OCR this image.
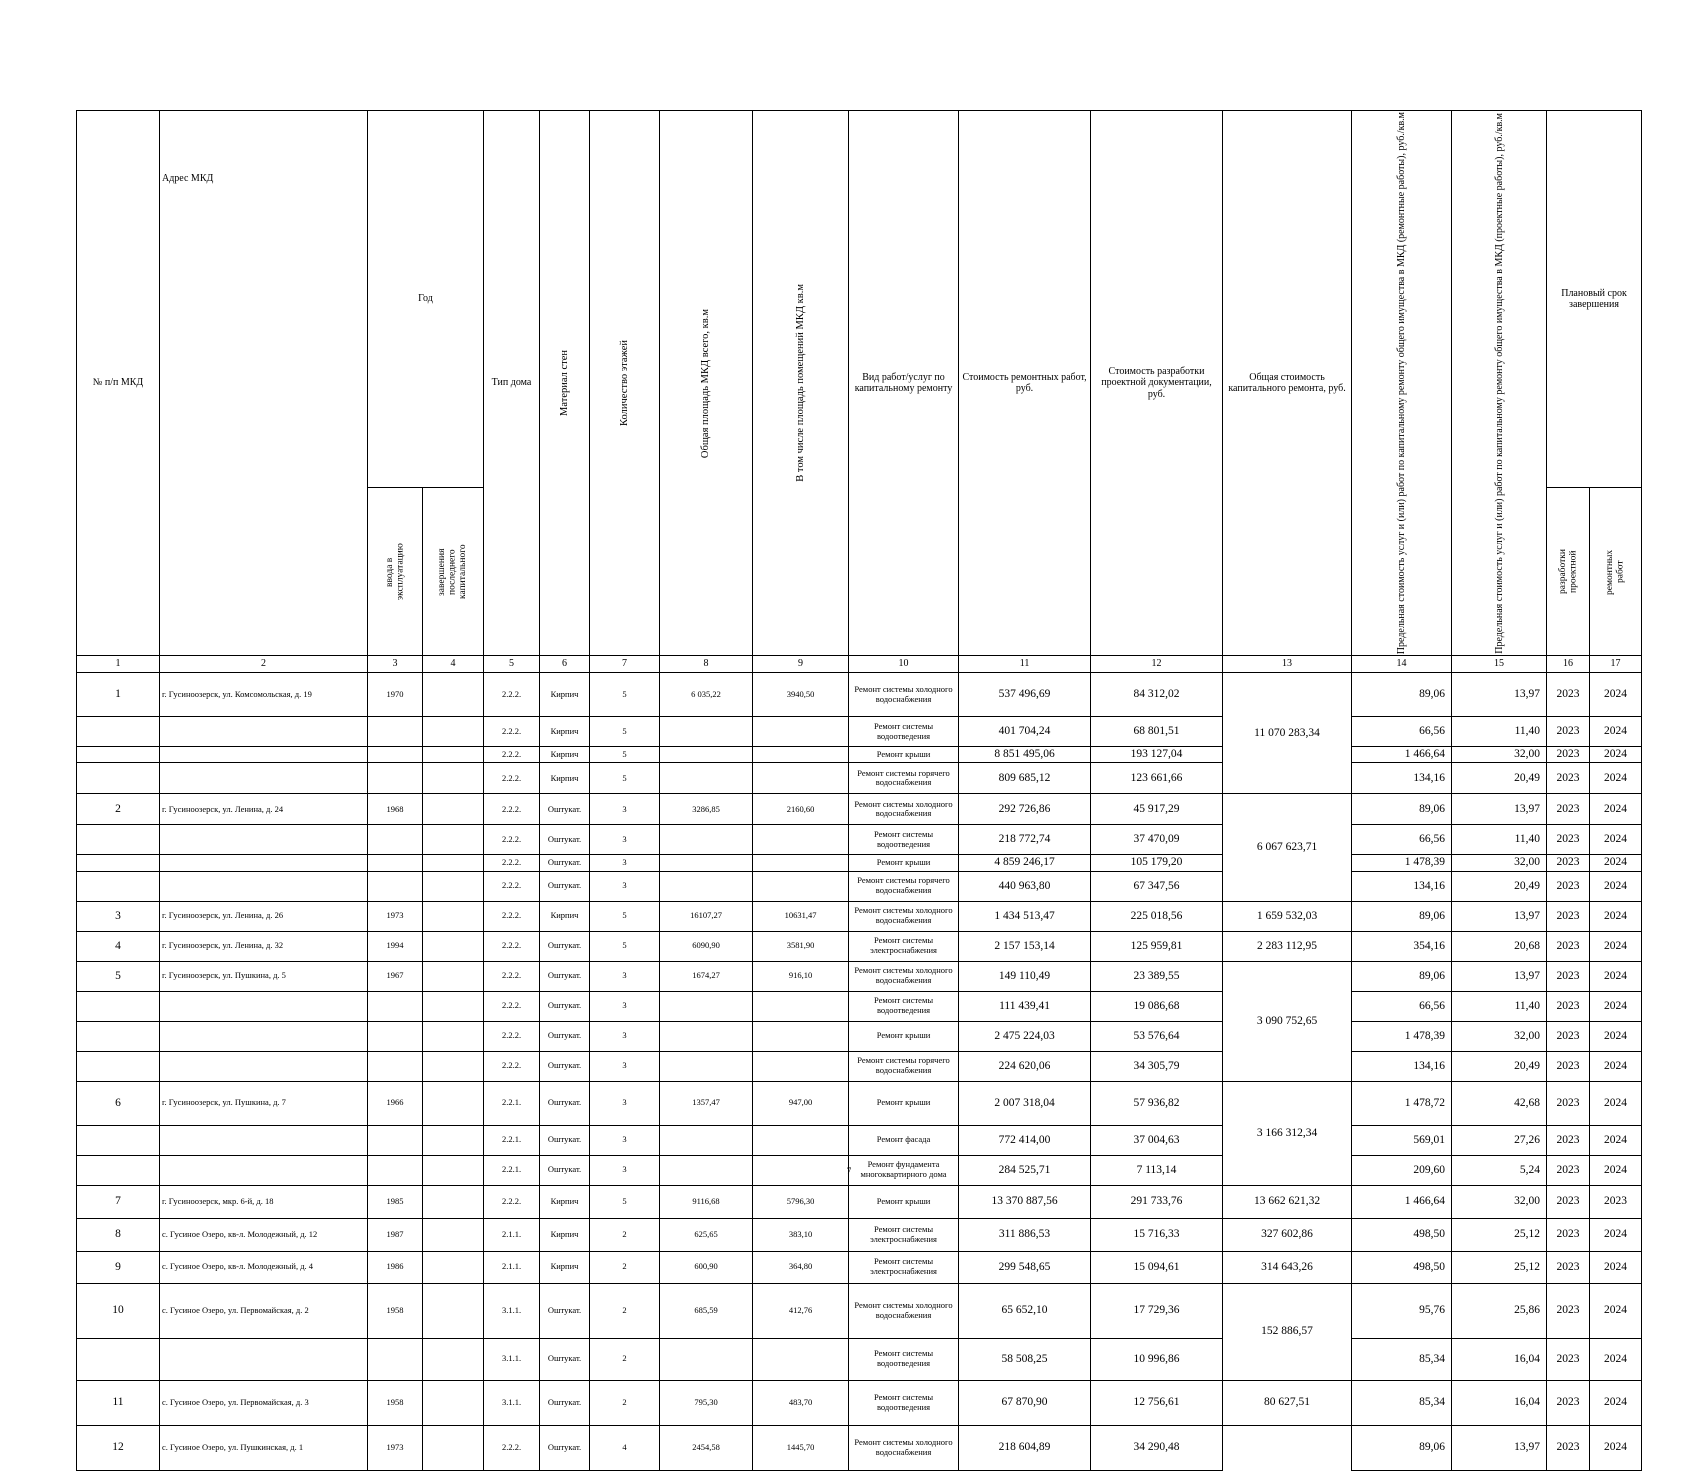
№ п/п МКД	Адрес МКД	Год		Тип дома	Материал стен	Количество этажей	Общая площадь МКД всего, кв.м	В том числе площадь помещений МКД кв.м	Вид работ/услуг по капитальному ремонту	Стоимость ремонтных работ, руб.	Стоимость разработки проектной документации, руб.	Общая стоимость капитального ремонта, руб.	Предельная стоимость услуг и (или) работ по капитальному ремонту общего имущества в МКД (ремонтные работы), руб./кв.м	Предельная стоимость услуг и (или) работ по капитальному ремонту общего имущества в МКД (проектные работы), руб./кв.м	Плановый срок завершения	

		ввода в эксплуатацию	завершения последнего капитального												разработки проектной	ремонтных работ

1	2	3	4	5	6	7	8	9	10	11	12	13	14	15	16	17
1	г. Гусиноозерск, ул. Комсомольская, д. 19	1970		2.2.2.	Кирпич	5	6 035,22	3940,50	Ремонт системы холодного водоснабжения	537 496,69	84 312,02	11 070 283,34	89,06	13,97	2023	2024
				2.2.2.	Кирпич	5			Ремонт системы водоотведения	401 704,24	68 801,51		66,56	11,40	2023	2024
				2.2.2.	Кирпич	5			Ремонт крыши	8 851 495,06	193 127,04		1 466,64	32,00	2023	2024
				2.2.2.	Кирпич	5			Ремонт системы горячего водоснабжения	809 685,12	123 661,66		134,16	20,49	2023	2024
2	г. Гусиноозерск, ул. Ленина, д. 24	1968		2.2.2.	Оштукат.	3	3286,85	2160,60	Ремонт системы холодного водоснабжения	292 726,86	45 917,29	6 067 623,71	89,06	13,97	2023	2024
				2.2.2.	Оштукат.	3			Ремонт системы водоотведения	218 772,74	37 470,09		66,56	11,40	2023	2024
				2.2.2.	Оштукат.	3			Ремонт крыши	4 859 246,17	105 179,20		1 478,39	32,00	2023	2024
				2.2.2.	Оштукат.	3			Ремонт системы горячего водоснабжения	440 963,80	67 347,56		134,16	20,49	2023	2024
3	г. Гусиноозерск, ул. Ленина, д. 26	1973		2.2.2.	Кирпич	5	16107,27	10631,47	Ремонт системы холодного водоснабжения	1 434 513,47	225 018,56	1 659 532,03	89,06	13,97	2023	2024
4	г. Гусиноозерск, ул. Ленина, д. 32	1994		2.2.2.	Оштукат.	5	6090,90	3581,90	Ремонт системы электроснабжения	2 157 153,14	125 959,81	2 283 112,95	354,16	20,68	2023	2024
5	г. Гусиноозерск, ул. Пушкина, д. 5	1967		2.2.2.	Оштукат.	3	1674,27	916,10	Ремонт системы холодного водоснабжения	149 110,49	23 389,55	3 090 752,65	89,06	13,97	2023	2024
				2.2.2.	Оштукат.	3			Ремонт системы водоотведения	111 439,41	19 086,68		66,56	11,40	2023	2024
				2.2.2.	Оштукат.	3			Ремонт крыши	2 475 224,03	53 576,64		1 478,39	32,00	2023	2024
				2.2.2.	Оштукат.	3			Ремонт системы горячего водоснабжения	224 620,06	34 305,79		134,16	20,49	2023	2024
6	г. Гусиноозерск, ул. Пушкина, д. 7	1966		2.2.1.	Оштукат.	3	1357,47	947,00	Ремонт крыши	2 007 318,04	57 936,82	3 166 312,34	1 478,72	42,68	2023	2024
				2.2.1.	Оштукат.	3			Ремонт фасада	772 414,00	37 004,63		569,01	27,26	2023	2024
				2.2.1.	Оштукат.	3			Ремонт фундамента многоквартирного дома	284 525,71	7 113,14		209,60	5,24	2023	2024
7	г. Гусиноозерск, мкр. 6-й, д. 18	1985		2.2.2.	Кирпич	5	9116,68	5796,30	Ремонт крыши	13 370 887,56	291 733,76	13 662 621,32	1 466,64	32,00	2023	2023
8	с. Гусиное Озеро, кв-л. Молодежный, д. 12	1987		2.1.1.	Кирпич	2	625,65	383,10	Ремонт системы электроснабжения	311 886,53	15 716,33	327 602,86	498,50	25,12	2023	2024
9	с. Гусиное Озеро, кв-л. Молодежный, д. 4	1986		2.1.1.	Кирпич	2	600,90	364,80	Ремонт системы электроснабжения	299 548,65	15 094,61	314 643,26	498,50	25,12	2023	2024
10	с. Гусиное Озеро, ул. Первомайская, д. 2	1958		3.1.1.	Оштукат.	2	685,59	412,76	Ремонт системы холодного водоснабжения	65 652,10	17 729,36	152 886,57	95,76	25,86	2023	2024
				3.1.1.	Оштукат.	2			Ремонт системы водоотведения	58 508,25	10 996,86		85,34	16,04	2023	2024
11	с. Гусиное Озеро, ул. Первомайская, д. 3	1958		3.1.1.	Оштукат.	2	795,30	483,70	Ремонт системы водоотведения	67 870,90	12 756,61	80 627,51	85,34	16,04	2023	2024
12	с. Гусиное Озеро, ул. Пушкинская, д. 1	1973		2.2.2.	Оштукат.	4	2454,58	1445,70	Ремонт системы холодного водоснабжения	218 604,89	34 290,48		89,06	13,97	2023	2024
7
